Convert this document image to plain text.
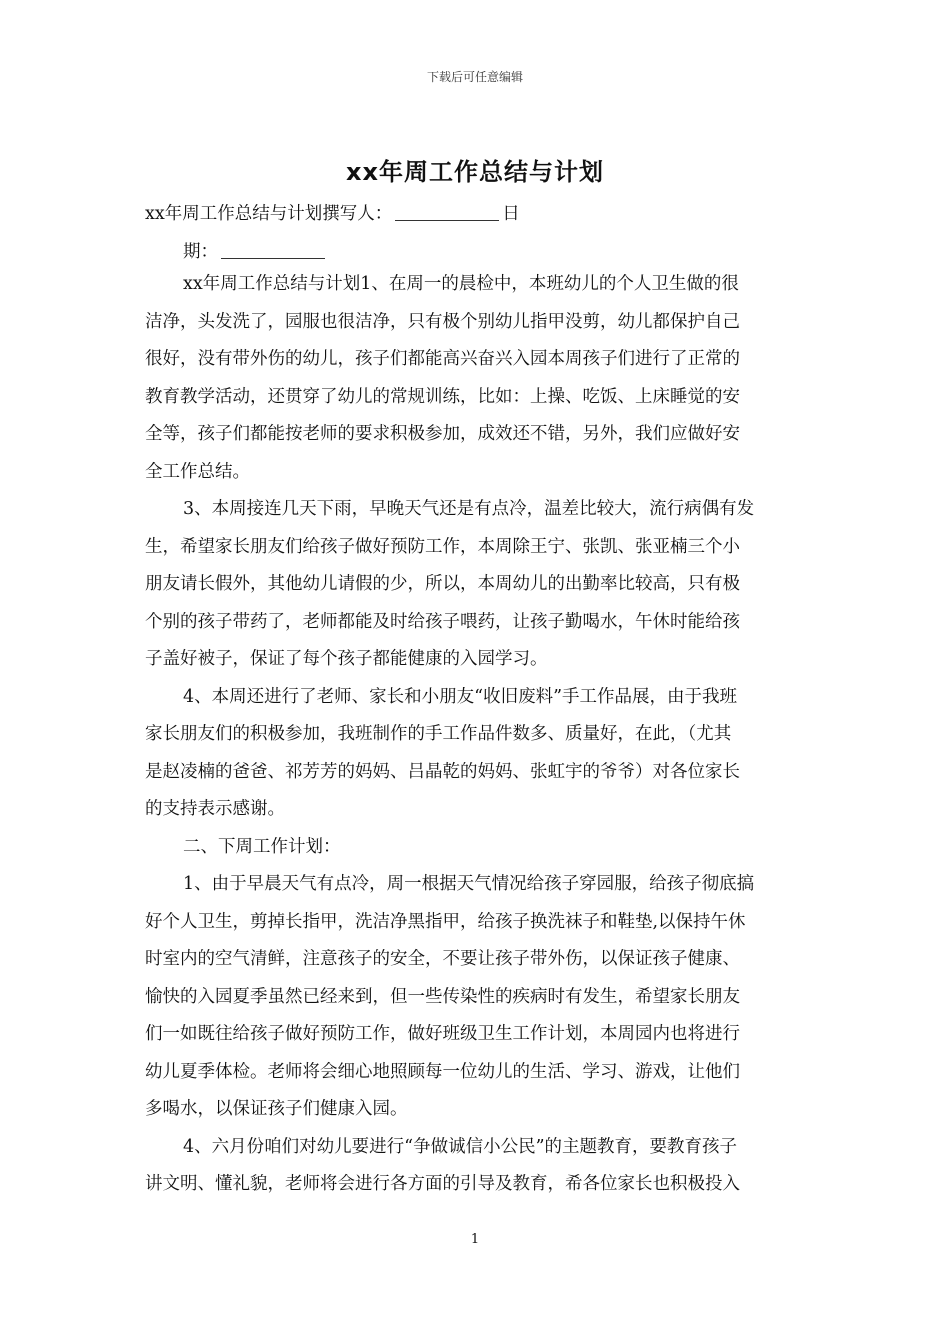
下载后可任意编辑
xx年周工作总结与计划
xx年周工作总结与计划撰写人：	日
期：
xx年周工作总结与计划1、在周一的晨检中，本班幼儿的个人卫生做的很
洁净，头发洗了，园服也很洁净，只有极个别幼儿指甲没剪，幼儿都保护自己
很好，没有带外伤的幼儿，孩子们都能高兴奋兴入园本周孩子们进行了正常的
教育教学活动，还贯穿了幼儿的常规训练，比如：上操、吃饭、上床睡觉的安
全等，孩子们都能按老师的要求积极参加，成效还不错，另外，我们应做好安
全工作总结。
3、本周接连几天下雨，早晚天气还是有点冷，温差比较大，流行病偶有发
生，希望家长朋友们给孩子做好预防工作，本周除王宁、张凯、张亚楠三个小
朋友请长假外，其他幼儿请假的少，所以，本周幼儿的出勤率比较高，只有极
个别的孩子带药了，老师都能及时给孩子喂药，让孩子勤喝水，午休时能给孩
子盖好被子，保证了每个孩子都能健康的入园学习。
4、本周还进行了老师、家长和小朋友“收旧废料”手工作品展，由于我班
家长朋友们的积极参加，我班制作的手工作品件数多、质量好，在此，（尤其
是赵凌楠的爸爸、祁芳芳的妈妈、吕晶乾的妈妈、张虹宇的爷爷）对各位家长
的支持表示感谢。
二、下周工作计划：
1、由于早晨天气有点冷，周一根据天气情况给孩子穿园服，给孩子彻底搞
好个人卫生，剪掉长指甲，洗洁净黑指甲，给孩子换洗袜子和鞋垫,以保持午休
时室内的空气清鲜，注意孩子的安全，不要让孩子带外伤，以保证孩子健康、
愉快的入园夏季虽然已经来到，但一些传染性的疾病时有发生，希望家长朋友
们一如既往给孩子做好预防工作，做好班级卫生工作计划，本周园内也将进行
幼儿夏季体检。老师将会细心地照顾每一位幼儿的生活、学习、游戏，让他们
多喝水，以保证孩子们健康入园。
4、六月份咱们对幼儿要进行“争做诚信小公民”的主题教育，要教育孩子
讲文明、懂礼貌，老师将会进行各方面的引导及教育，希各位家长也积极投入
1
